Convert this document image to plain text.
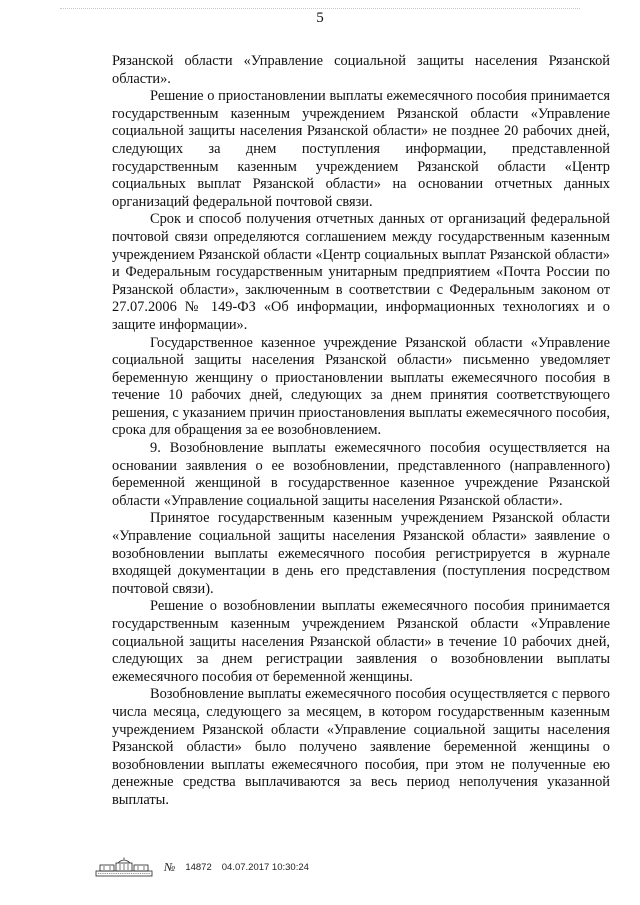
5

Рязанской области «Управление социальной защиты населения Рязанской области».

Решение о приостановлении выплаты ежемесячного пособия принимается государственным казенным учреждением Рязанской области «Управление социальной защиты населения Рязанской области» не позднее 20 рабочих дней, следующих за днем поступления информации, представленной государственным казенным учреждением Рязанской области «Центр социальных выплат Рязанской области» на основании отчетных данных организаций федеральной почтовой связи.

Срок и способ получения отчетных данных от организаций федеральной почтовой связи определяются соглашением между государственным казенным учреждением Рязанской области «Центр социальных выплат Рязанской области» и Федеральным государственным унитарным предприятием «Почта России по Рязанской области», заключенным в соответствии с Федеральным законом от 27.07.2006 № 149-ФЗ «Об информации, информационных технологиях и о защите информации».

Государственное казенное учреждение Рязанской области «Управление социальной защиты населения Рязанской области» письменно уведомляет беременную женщину о приостановлении выплаты ежемесячного пособия в течение 10 рабочих дней, следующих за днем принятия соответствующего решения, с указанием причин приостановления выплаты ежемесячного пособия, срока для обращения за ее возобновлением.

9. Возобновление выплаты ежемесячного пособия осуществляется на основании заявления о ее возобновлении, представленного (направленного) беременной женщиной в государственное казенное учреждение Рязанской области «Управление социальной защиты населения Рязанской области».

Принятое государственным казенным учреждением Рязанской области «Управление социальной защиты населения Рязанской области» заявление о возобновлении выплаты ежемесячного пособия регистрируется в журнале входящей документации в день его представления (поступления посредством почтовой связи).

Решение о возобновлении выплаты ежемесячного пособия принимается государственным казенным учреждением Рязанской области «Управление социальной защиты населения Рязанской области» в течение 10 рабочих дней, следующих за днем регистрации заявления о возобновлении выплаты ежемесячного пособия от беременной женщины.

Возобновление выплаты ежемесячного пособия осуществляется с первого числа месяца, следующего за месяцем, в котором государственным казенным учреждением Рязанской области «Управление социальной защиты населения Рязанской области» было получено заявление беременной женщины о возобновлении выплаты ежемесячного пособия, при этом не полученные ею денежные средства выплачиваются за весь период неполучения указанной выплаты.

№ 14872 04.07.2017 10:30:24
